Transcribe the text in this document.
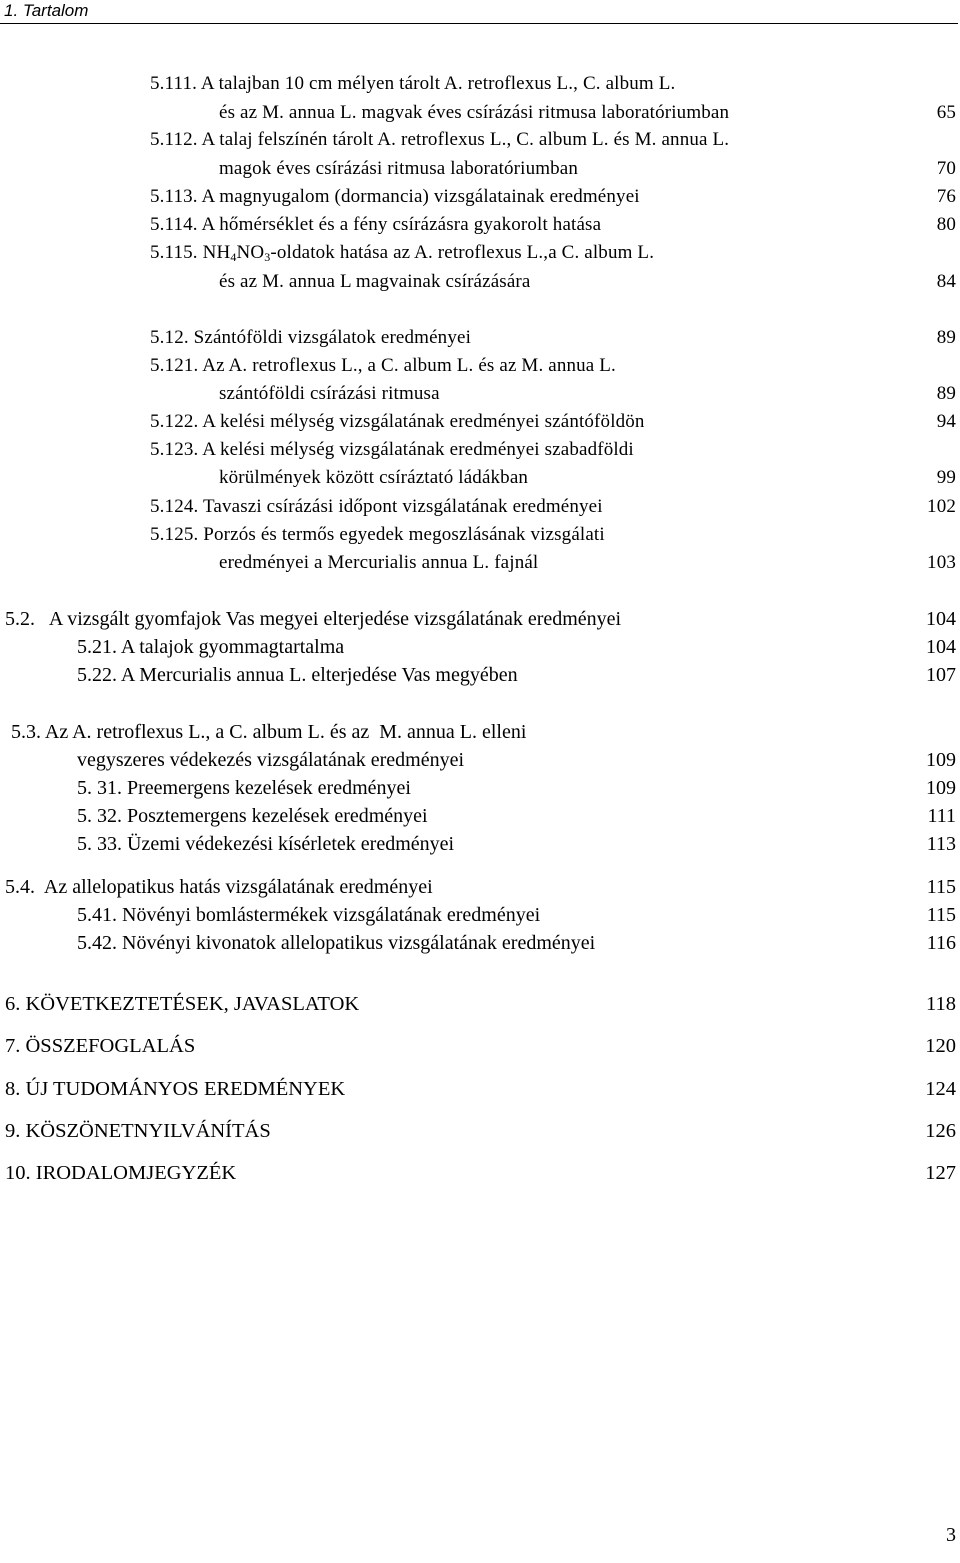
1. Tartalom
5.111. A talajban 10 cm mélyen tárolt A. retroflexus L., C. album L.
és az M. annua L. magvak éves csírázási ritmusa laboratóriumban	65
5.112. A talaj felszínén tárolt A. retroflexus L., C. album L. és M. annua L.
magok éves csírázási ritmusa laboratóriumban	70
5.113. A magnyugalom (dormancia) vizsgálatainak eredményei	76
5.114. A hőmérséklet és a fény csírázásra gyakorolt hatása	80
5.115. $NH_4NO_3$-oldatok hatása az A. retroflexus L.,a C. album L.
és az M. annua L magvainak csírázására	84
5.12. Szántóföldi vizsgálatok eredményei	89
5.121. Az A. retroflexus L., a C. album L. és az M. annua L.
szántóföldi csírázási ritmusa	89
5.122. A kelési mélység vizsgálatának eredményei szántóföldön	94
5.123. A kelési mélység vizsgálatának eredményei szabadföldi
körülmények között csíráztató ládákban	99
5.124. Tavaszi csírázási időpont vizsgálatának eredményei	102
5.125. Porzós és termős egyedek megoszlásának vizsgálati
eredményei a Mercurialis annua L. fajnál	103
5.2.   A vizsgált gyomfajok Vas megyei elterjedése vizsgálatának eredményei	104
5.21. A talajok gyommagtartalma	104
5.22. A Mercurialis annua L. elterjedése Vas megyében	107
5.3. Az A. retroflexus L., a C. album L. és az  M. annua L. elleni
vegyszeres védekezés vizsgálatának eredményei	109
5. 31. Preemergens kezelések eredményei	109
5. 32. Posztemergens kezelések eredményei	111
5. 33. Üzemi védekezési kísérletek eredményei	113
5.4.  Az allelopatikus hatás vizsgálatának eredményei	115
5.41. Növényi bomlástermékek vizsgálatának eredményei	115
5.42. Növényi kivonatok allelopatikus vizsgálatának eredményei	116
6. KÖVETKEZTETÉSEK, JAVASLATOK	118
7. ÖSSZEFOGLALÁS	120
8. ÚJ TUDOMÁNYOS EREDMÉNYEK	124
9. KÖSZÖNETNYILVÁNÍTÁS	126
10. IRODALOMJEGYZÉK	127
3
